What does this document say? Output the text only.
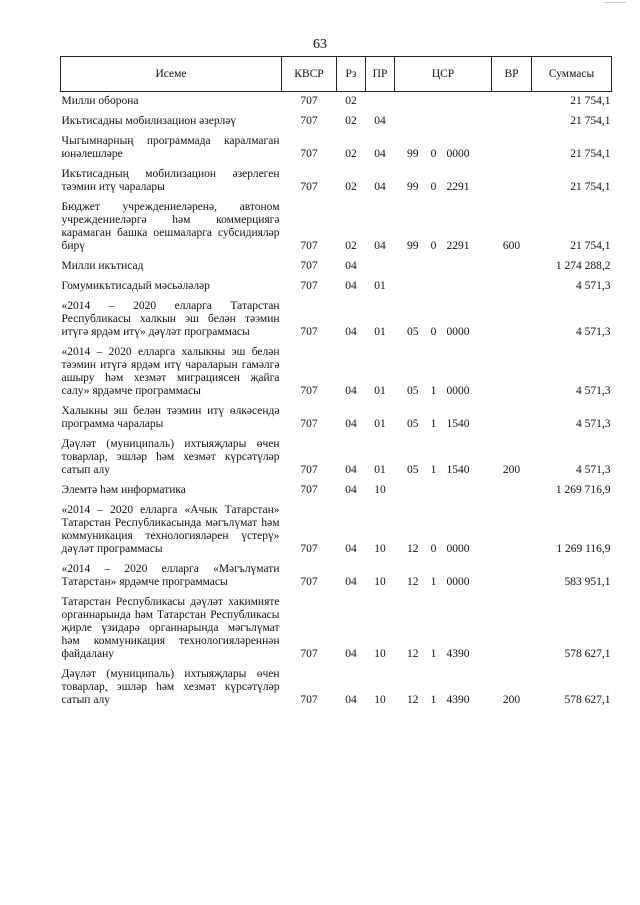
63
Исеме	КВСР	Рз	ПР	ЦСР			ВР	Суммасы
Милли оборона	707	02						21 754,1
Икътисадны мобилизацион әзерләү	707	02	04					21 754,1
Чыгымнарның программада каралмаган юнәлешләре	707	02	04	99	0	0000		21 754,1
Икътисадның мобилизацион әзерлеген тәэмин итү чаралары	707	02	04	99	0	2291		21 754,1
Бюджет учреждениеләренә, автоном учреждениеләргә һәм коммерциягә карамаган башка оешмаларга субсидияләр бирү	707	02	04	99	0	2291	600	21 754,1
Милли икътисад	707	04						1 274 288,2
Гомумикътисадый мәсьәләләр	707	04	01					4 571,3
«2014 – 2020 елларга Татарстан Республикасы халкын эш белән тәэмин итүгә ярдәм итү» дәүләт программасы	707	04	01	05	0	0000		4 571,3
«2014 – 2020 елларга халыкны эш белән тәэмин итүгә ярдәм итү чараларын гамәлгә ашыру һәм хезмәт миграциясен җайга салу» ярдәмче программасы	707	04	01	05	1	0000		4 571,3
Халыкны эш белән тәэмин итү өлкәсендә программа чаралары	707	04	01	05	1	1540		4 571,3
Дәүләт (муниципаль) ихтыяҗлары өчен товарлар, эшләр һәм хезмәт күрсәтүләр сатып алу	707	04	01	05	1	1540	200	4 571,3
Элемтә һәм информатика	707	04	10					1 269 716,9
«2014 – 2020 елларга «Ачык Татарстан» Татарстан Республикасында мәгълүмат һәм коммуникация технологияләрен үстерү» дәүләт программасы	707	04	10	12	0	0000		1 269 116,9
«2014 – 2020 елларга «Мәгълүмати Татарстан» ярдәмче программасы	707	04	10	12	1	0000		583 951,1
Татарстан Республикасы дәүләт хакимияте органнарында һәм Татарстан Республикасы җирле үзидарә органнарында мәгълүмат һәм коммуникация технологияләреннән файдалану	707	04	10	12	1	4390		578 627,1
Дәүләт (муниципаль) ихтыяҗлары өчен товарлар, эшләр һәм хезмәт күрсәтүләр сатып алу	707	04	10	12	1	4390	200	578 627,1
